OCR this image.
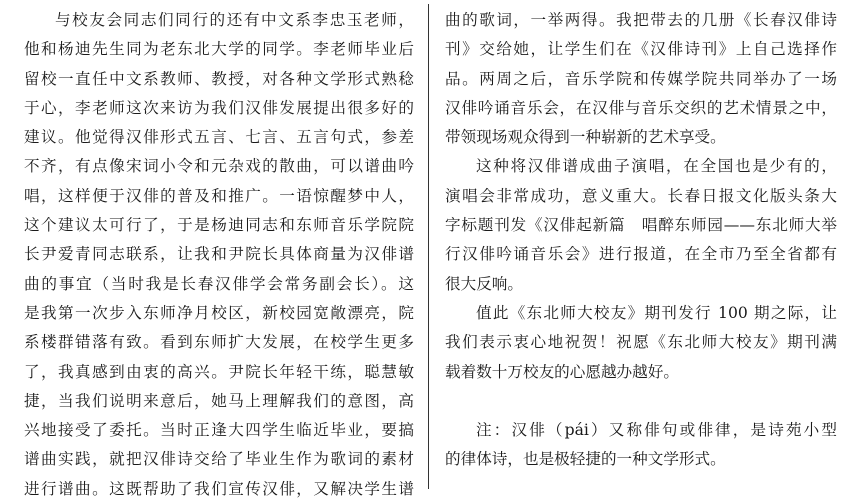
与校友会同志们同行的还有中文系李忠玉老师，
他和杨迪先生同为老东北大学的同学。李老师毕业后
留校一直任中文系教师、教授，对各种文学形式熟稔
于心，李老师这次来访为我们汉俳发展提出很多好的
建议。他觉得汉俳形式五言、七言、五言句式，参差
不齐，有点像宋词小令和元杂戏的散曲，可以谱曲吟
唱，这样便于汉俳的普及和推广。一语惊醒梦中人，
这个建议太可行了，于是杨迪同志和东师音乐学院院
长尹爱青同志联系，让我和尹院长具体商量为汉俳谱
曲的事宜（当时我是长春汉俳学会常务副会长）。这
是我第一次步入东师净月校区，新校园宽敞漂亮，院
系楼群错落有致。看到东师扩大发展，在校学生更多
了，我真感到由衷的高兴。尹院长年轻干练，聪慧敏
捷，当我们说明来意后，她马上理解我们的意图，高
兴地接受了委托。当时正逢大四学生临近毕业，要搞
谱曲实践，就把汉俳诗交给了毕业生作为歌词的素材
进行谱曲。这既帮助了我们宣传汉俳，又解决学生谱
曲的歌词，一举两得。我把带去的几册《长春汉俳诗
刊》交给她，让学生们在《汉俳诗刊》上自己选择作
品。两周之后，音乐学院和传媒学院共同举办了一场
汉俳吟诵音乐会，在汉俳与音乐交织的艺术情景之中，
带领现场观众得到一种崭新的艺术享受。
这种将汉俳谱成曲子演唱，在全国也是少有的，
演唱会非常成功，意义重大。长春日报文化版头条大
字标题刊发《汉俳起新篇　唱醉东师园——东北师大举
行汉俳吟诵音乐会》进行报道，在全市乃至全省都有
很大反响。
值此《东北师大校友》期刊发行 100 期之际，让
我们表示衷心地祝贺！祝愿《东北师大校友》期刊满
载着数十万校友的心愿越办越好。
注：汉俳（pái）又称俳句或俳律，是诗苑小型
的律体诗，也是极轻捷的一种文学形式。
